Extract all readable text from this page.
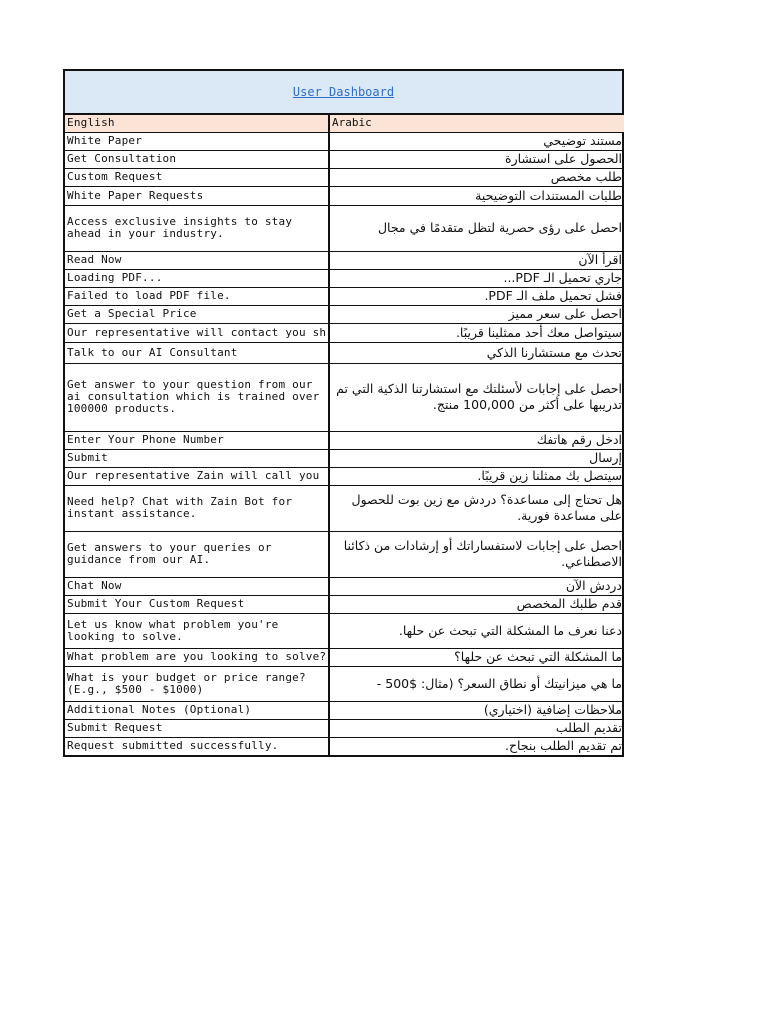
User Dashboard
English	Arabic
White Paper	مستند توضيحي
Get Consultation	الحصول على استشارة
Custom Request	طلب مخصص
White Paper Requests	طلبات المستندات التوضيحية
Access exclusive insights to stay ahead in your industry.	احصل على رؤى حصرية لتظل متقدمًا في مجال
Read Now	اقرأ الآن
Loading PDF...	جاري تحميل الـ PDF...
Failed to load PDF file.	فشل تحميل ملف الـ PDF.
Get a Special Price	احصل على سعر مميز
Our representative will contact you sh	سيتواصل معك أحد ممثلينا قريبًا.
Talk to our AI Consultant	تحدث مع مستشارنا الذكي
Get answer to your question from our ai consultation which is trained over 100000 products.	احصل على إجابات لأسئلتك مع استشارتنا الذكية التي تم تدريبها على أكثر من 100,000 منتج.
Enter Your Phone Number	ادخل رقم هاتفك
Submit	إرسال
Our representative Zain will call you	سيتصل بك ممثلنا زين قريبًا.
Need help? Chat with Zain Bot for instant assistance.	هل تحتاج إلى مساعدة؟ دردش مع زين بوت للحصول على مساعدة فورية.
Get answers to your queries or guidance from our AI.	احصل على إجابات لاستفساراتك أو إرشادات من ذكائنا الاصطناعي.
Chat Now	دردش الآن
Submit Your Custom Request	قدم طلبك المخصص
Let us know what problem you're looking to solve.	دعنا نعرف ما المشكلة التي تبحث عن حلها.
What problem are you looking to solve?	ما المشكلة التي تبحث عن حلها؟
What is your budget or price range? (E.g., $500 - $1000)	ما هي ميزانيتك أو نطاق السعر؟ (مثال: $500 -
Additional Notes (Optional)	ملاحظات إضافية (اختياري)
Submit Request	تقديم الطلب
Request submitted successfully.	تم تقديم الطلب بنجاح.
